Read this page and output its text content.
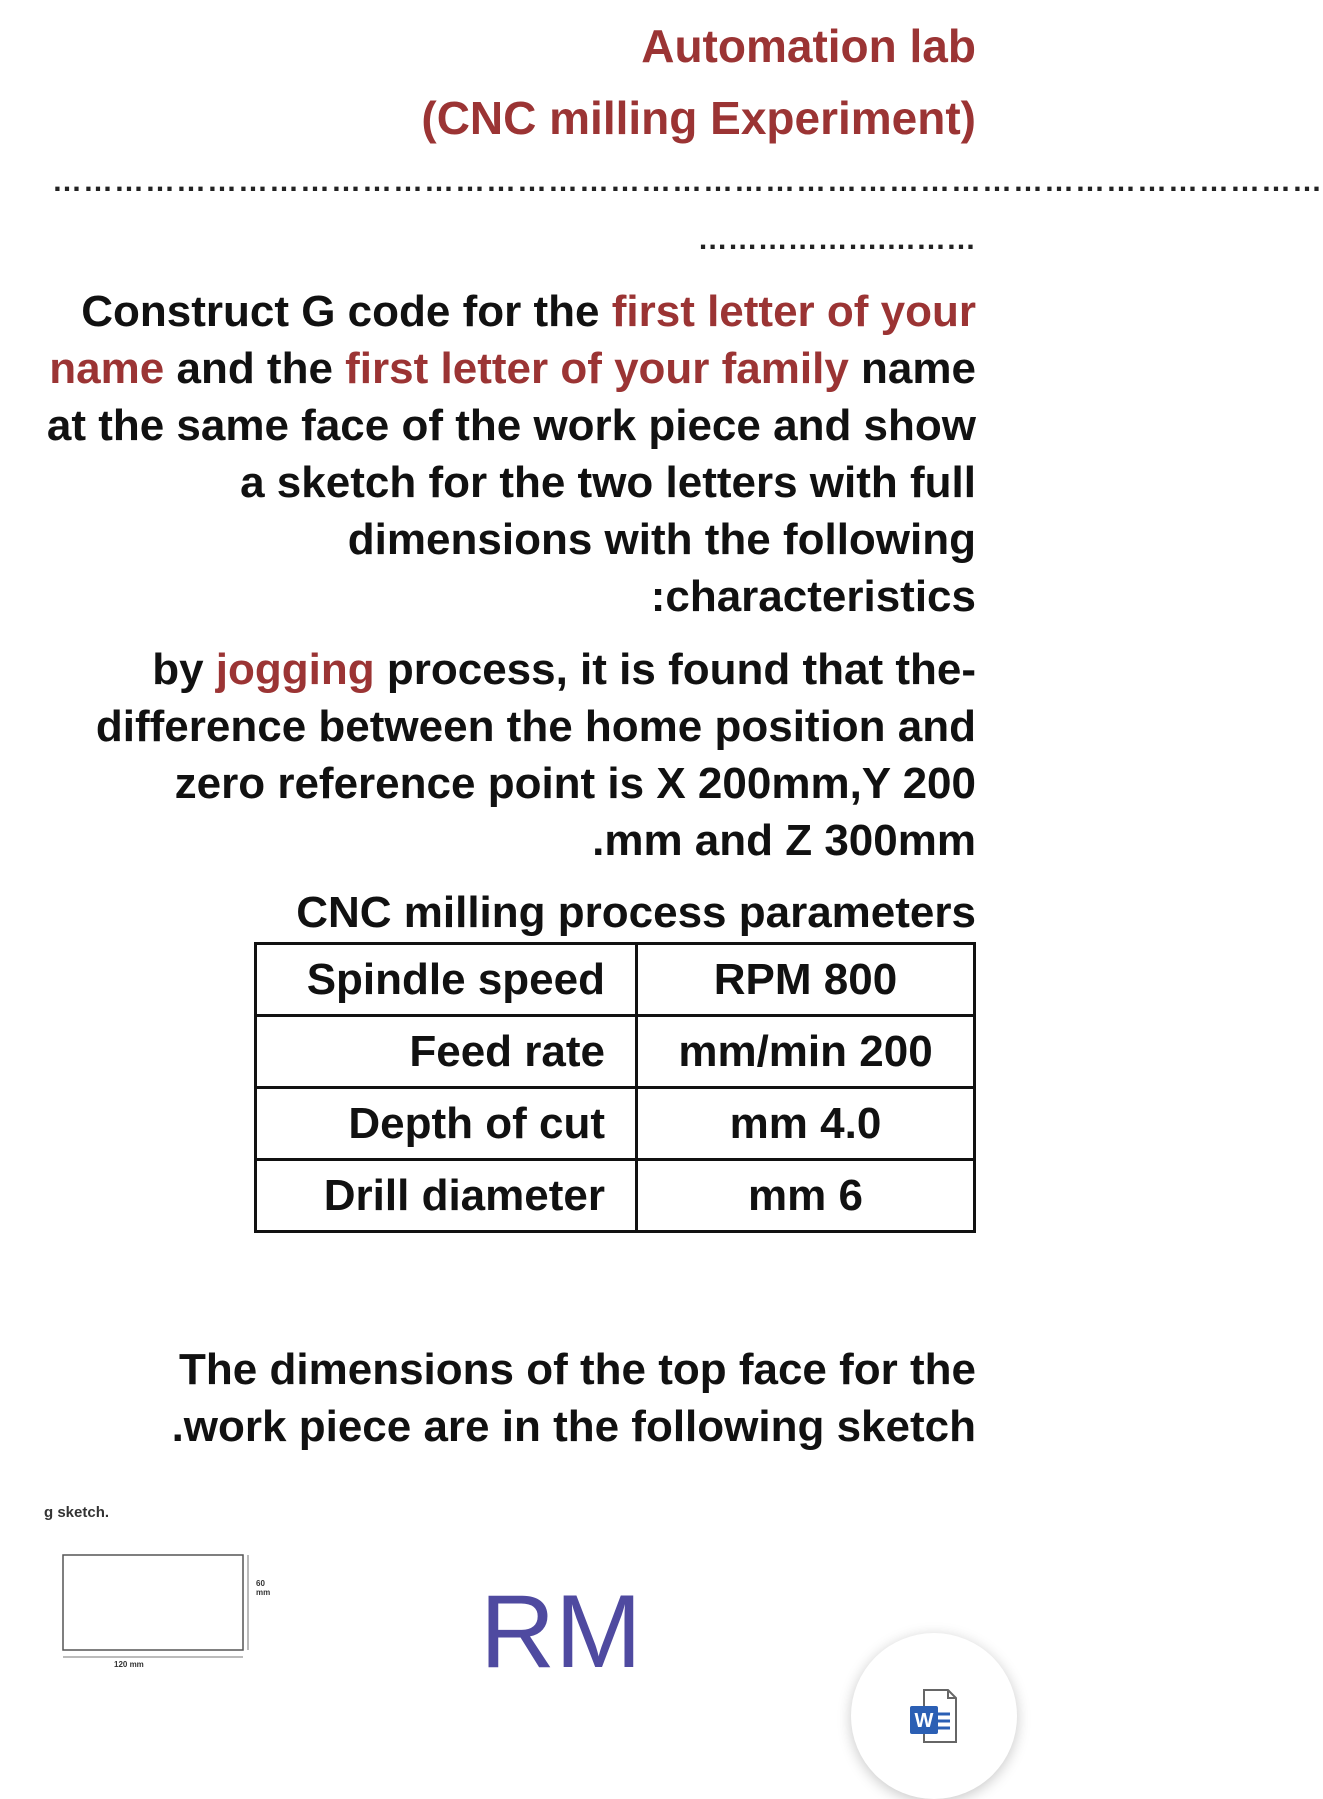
Automation lab
(CNC milling Experiment)
……………………………………………………………………………………………………………
……………….………
Construct G code for the first letter of your name and the first letter of your family name at the same face of the work piece and show a sketch for the two letters with full dimensions with the following
:characteristics
by jogging process, it is found that the-difference between the home position and zero reference point is X 200mm,Y 200
.mm and Z 300mm
CNC milling process parameters
Spindle speed	RPM 800
Feed rate	mm/min 200
Depth of cut	mm 4.0
Drill diameter	mm 6
The dimensions of the top face for the
.work piece are in the following sketch
g sketch.
60
mm
120 mm	RM
W
